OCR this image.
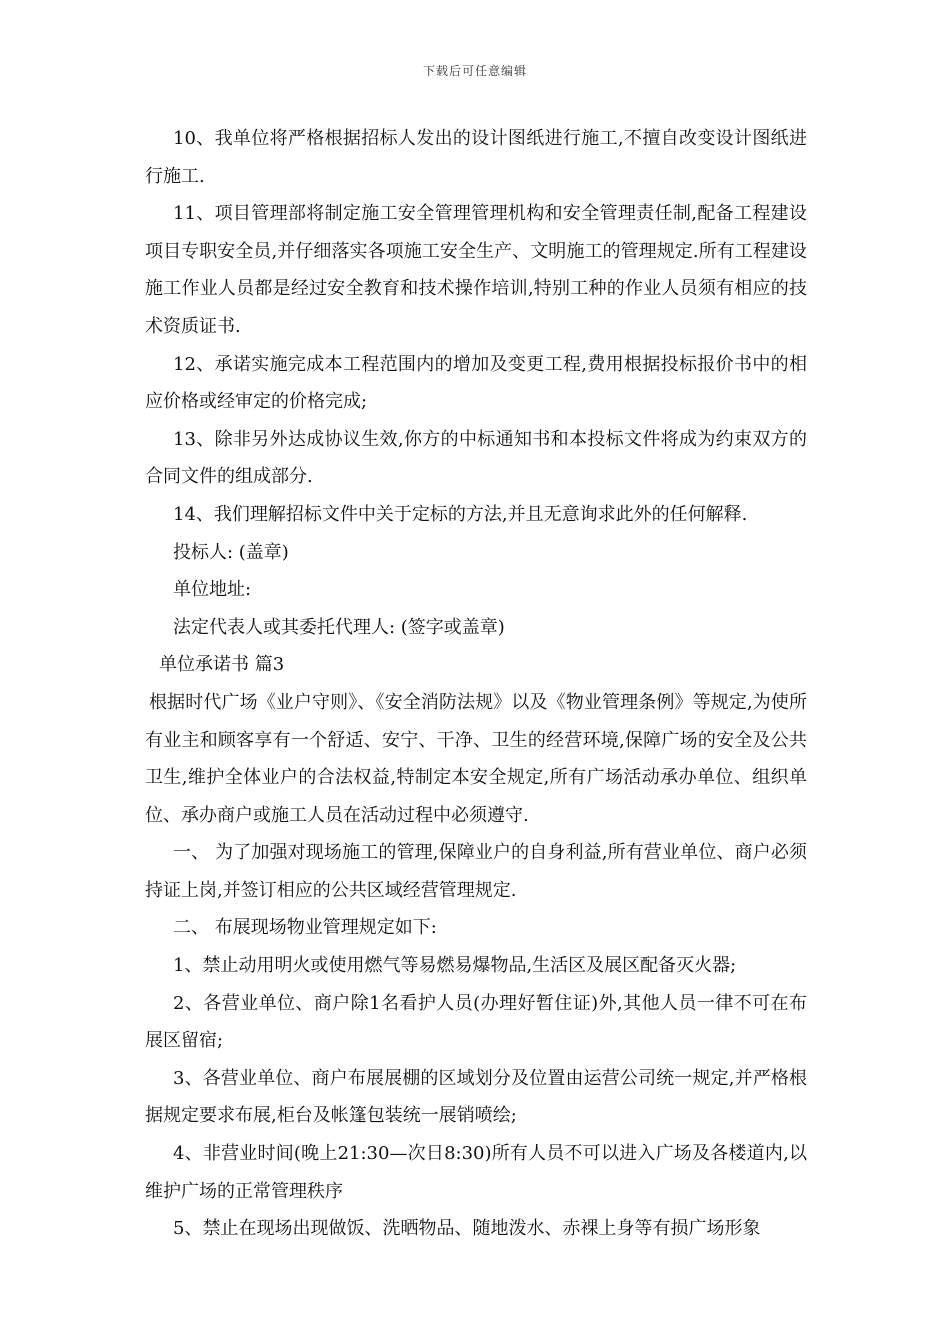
下载后可任意编辑

10、我单位将严格根据招标人发出的设计图纸进行施工,不擅自改变设计图纸进行施工.

11、项目管理部将制定施工安全管理管理机构和安全管理责任制,配备工程建设项目专职安全员,并仔细落实各项施工安全生产、文明施工的管理规定.所有工程建设施工作业人员都是经过安全教育和技术操作培训,特别工种的作业人员须有相应的技术资质证书.

12、承诺实施完成本工程范围内的增加及变更工程,费用根据投标报价书中的相应价格或经审定的价格完成;

13、除非另外达成协议生效,你方的中标通知书和本投标文件将成为约束双方的合同文件的组成部分.

14、我们理解招标文件中关于定标的方法,并且无意询求此外的任何解释.

投标人: (盖章)

单位地址:

法定代表人或其委托代理人: (签字或盖章)

单位承诺书 篇3

根据时代广场《业户守则》、《安全消防法规》以及《物业管理条例》等规定,为使所有业主和顾客享有一个舒适、安宁、干净、卫生的经营环境,保障广场的安全及公共卫生,维护全体业户的合法权益,特制定本安全规定,所有广场活动承办单位、组织单位、承办商户或施工人员在活动过程中必须遵守.

一、 为了加强对现场施工的管理,保障业户的自身利益,所有营业单位、商户必须持证上岗,并签订相应的公共区域经营管理规定.

二、 布展现场物业管理规定如下:

1、禁止动用明火或使用燃气等易燃易爆物品,生活区及展区配备灭火器;

2、各营业单位、商户除1名看护人员(办理好暂住证)外,其他人员一律不可在布展区留宿;

3、各营业单位、商户布展展棚的区域划分及位置由运营公司统一规定,并严格根据规定要求布展,柜台及帐篷包装统一展销喷绘;

4、非营业时间(晚上21:30—次日8:30)所有人员不可以进入广场及各楼道内,以维护广场的正常管理秩序

5、禁止在现场出现做饭、洗晒物品、随地泼水、赤裸上身等有损广场形象
